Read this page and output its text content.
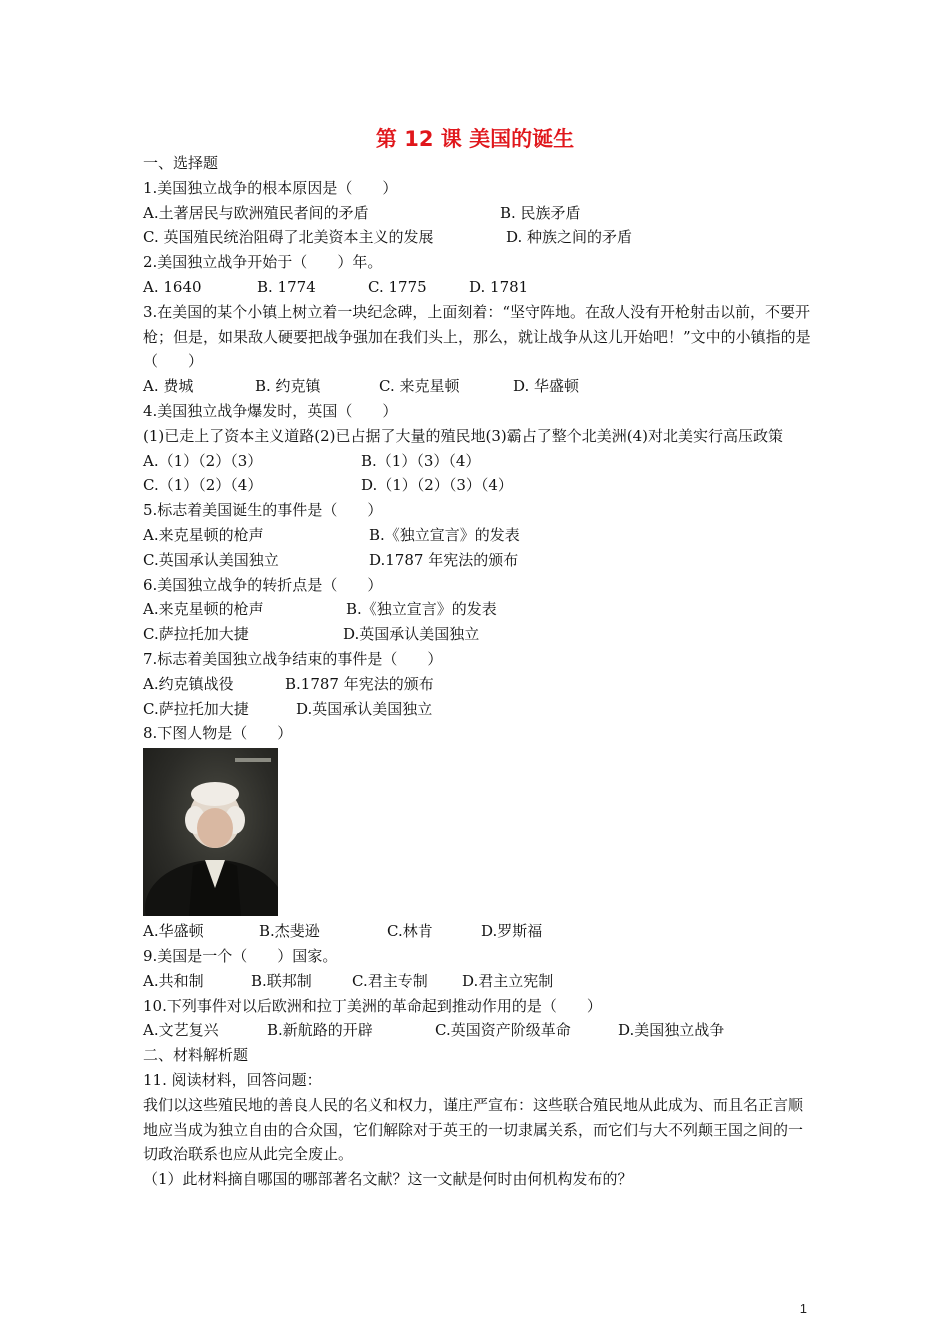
第 12 课 美国的诞生
一、选择题
1.美国独立战争的根本原因是（　　）
A.土著居民与欧洲殖民者间的矛盾	B. 民族矛盾
C. 英国殖民统治阻碍了北美资本主义的发展	D. 种族之间的矛盾
2.美国独立战争开始于（　　）年。
A. 1640	B. 1774	C. 1775	D. 1781
3.在美国的某个小镇上树立着一块纪念碑，上面刻着：“坚守阵地。在敌人没有开枪射击以前，不要开枪；但是，如果敌人硬要把战争强加在我们头上，那么，就让战争从这儿开始吧！”文中的小镇指的是（　　）
A. 费城	B. 约克镇	C. 来克星顿	D. 华盛顿
4.美国独立战争爆发时，英国（　　）
(1)已走上了资本主义道路(2)已占据了大量的殖民地(3)霸占了整个北美洲(4)对北美实行高压政策
A.（1）（2）（3）	B.（1）（3）（4）
C.（1）（2）（4）	D.（1）（2）（3）（4）
5.标志着美国诞生的事件是（　　）
A.来克星顿的枪声	B.《独立宣言》的发表
C.英国承认美国独立	D.1787 年宪法的颁布
6.美国独立战争的转折点是（　　）
A.来克星顿的枪声	B.《独立宣言》的发表
C.萨拉托加大捷	D.英国承认美国独立
7.标志着美国独立战争结束的事件是（　　）
A.约克镇战役	B.1787 年宪法的颁布
C.萨拉托加大捷	D.英国承认美国独立
8.下图人物是（　　）
A.华盛顿	B.杰斐逊	C.林肯	D.罗斯福
9.美国是一个（　　）国家。
A.共和制	B.联邦制	C.君主专制	D.君主立宪制
10.下列事件对以后欧洲和拉丁美洲的革命起到推动作用的是（　　）
A.文艺复兴	B.新航路的开辟	C.英国资产阶级革命	D.美国独立战争
二、材料解析题
11. 阅读材料，回答问题：
我们以这些殖民地的善良人民的名义和权力，谨庄严宣布：这些联合殖民地从此成为、而且名正言顺地应当成为独立自由的合众国，它们解除对于英王的一切隶属关系，而它们与大不列颠王国之间的一切政治联系也应从此完全废止。
（1）此材料摘自哪国的哪部著名文献？这一文献是何时由何机构发布的？
1
